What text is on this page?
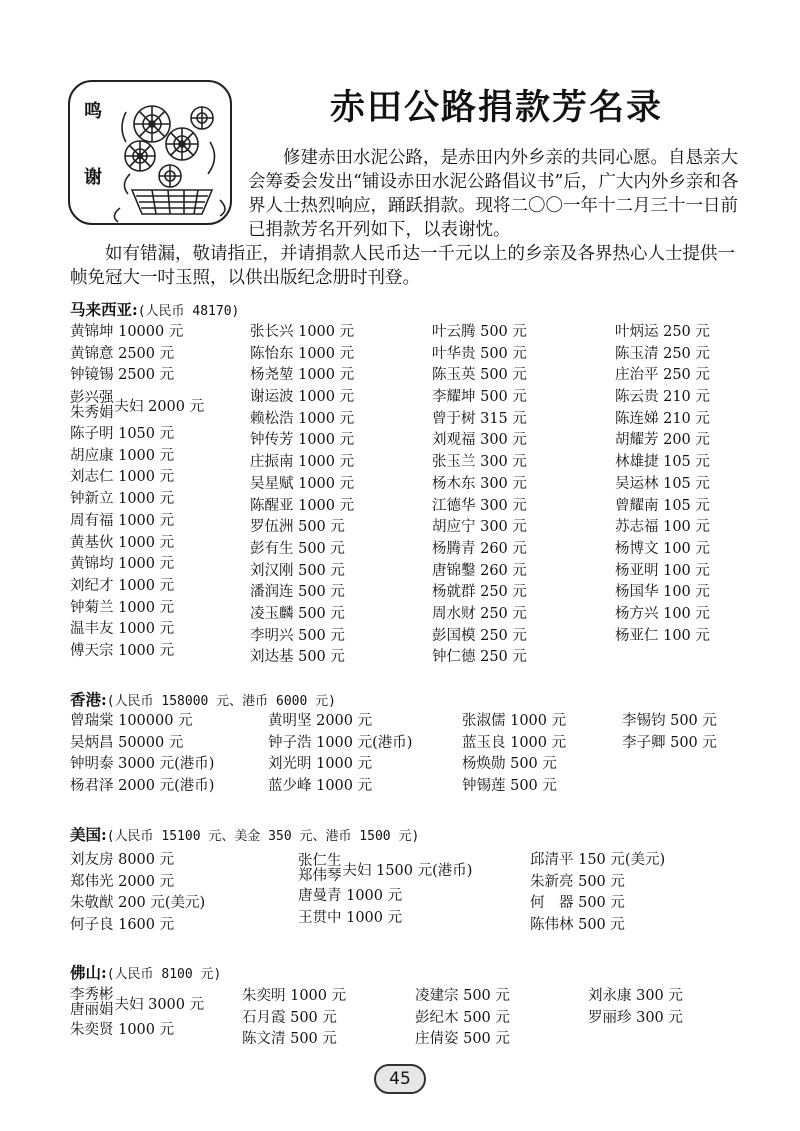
鸣
谢
赤田公路捐款芳名录

修建赤田水泥公路，是赤田内外乡亲的共同心愿。自恳亲大会筹委会发出“铺设赤田水泥公路倡议书”后，广大内外乡亲和各界人士热烈响应，踊跃捐款。现将二〇〇一年十二月三十一日前已捐款芳名开列如下，以表谢忱。

如有错漏，敬请指正，并请捐款人民币达一千元以上的乡亲及各界热心人士提供一帧免冠大一吋玉照，以供出版纪念册时刊登。

马来西亚:(人民币 48170)
黄锦坤 10000 元
黄锦意 2500 元
钟镜锡 2500 元
彭兴强
朱秀娟 夫妇 2000 元
陈子明 1050 元
胡应康 1000 元
刘志仁 1000 元
钟新立 1000 元
周有福 1000 元
黄基伙 1000 元
黄锦均 1000 元
刘纪才 1000 元
钟菊兰 1000 元
温丰友 1000 元
傅天宗 1000 元
张长兴 1000 元
陈怡东 1000 元
杨尧堃 1000 元
谢运波 1000 元
赖松浩 1000 元
钟传芳 1000 元
庄振南 1000 元
吴星赋 1000 元
陈醒亚 1000 元
罗伍洲 500 元
彭有生 500 元
刘汉刚 500 元
潘润连 500 元
凌玉麟 500 元
李明兴 500 元
刘达基 500 元
叶云腾 500 元
叶华贵 500 元
陈玉英 500 元
李耀坤 500 元
曾于树 315 元
刘观福 300 元
张玉兰 300 元
杨木东 300 元
江德华 300 元
胡应宁 300 元
杨腾青 260 元
唐锦鑿 260 元
杨就群 250 元
周水财 250 元
彭国模 250 元
钟仁德 250 元
叶炳运 250 元
陈玉清 250 元
庄治平 250 元
陈云贵 210 元
陈连娣 210 元
胡耀芳 200 元
林雄捷 105 元
吴运林 105 元
曾耀南 105 元
苏志福 100 元
杨博文 100 元
杨亚明 100 元
杨国华 100 元
杨方兴 100 元
杨亚仁 100 元
香港:(人民币 158000 元、港币 6000 元)
曾瑞棠 100000 元
吴炳昌 50000 元
钟明泰 3000 元(港币)
杨君泽 2000 元(港币)
黄明坚 2000 元
钟子浩 1000 元(港币)
刘光明 1000 元
蓝少峰 1000 元
张淑儒 1000 元
蓝玉良 1000 元
杨焕勋 500 元
钟锡莲 500 元
李锡钧 500 元
李子卿 500 元
美国:(人民币 15100 元、美金 350 元、港币 1500 元)
刘友房 8000 元
郑伟光 2000 元
朱敬猷 200 元(美元)
何子良 1600 元
张仁生
郑伟琴 夫妇 1500 元(港币)
唐曼青 1000 元
王贯中 1000 元
邱清平 150 元(美元)
朱新亮 500 元
何　器 500 元
陈伟林 500 元
佛山:(人民币 8100 元)
李秀彬
唐丽娟 夫妇 3000 元
朱奕贤 1000 元
朱奕明 1000 元
石月霞 500 元
陈文清 500 元
凌建宗 500 元
彭纪木 500 元
庄倩姿 500 元
刘永康 300 元
罗丽珍 300 元
45
